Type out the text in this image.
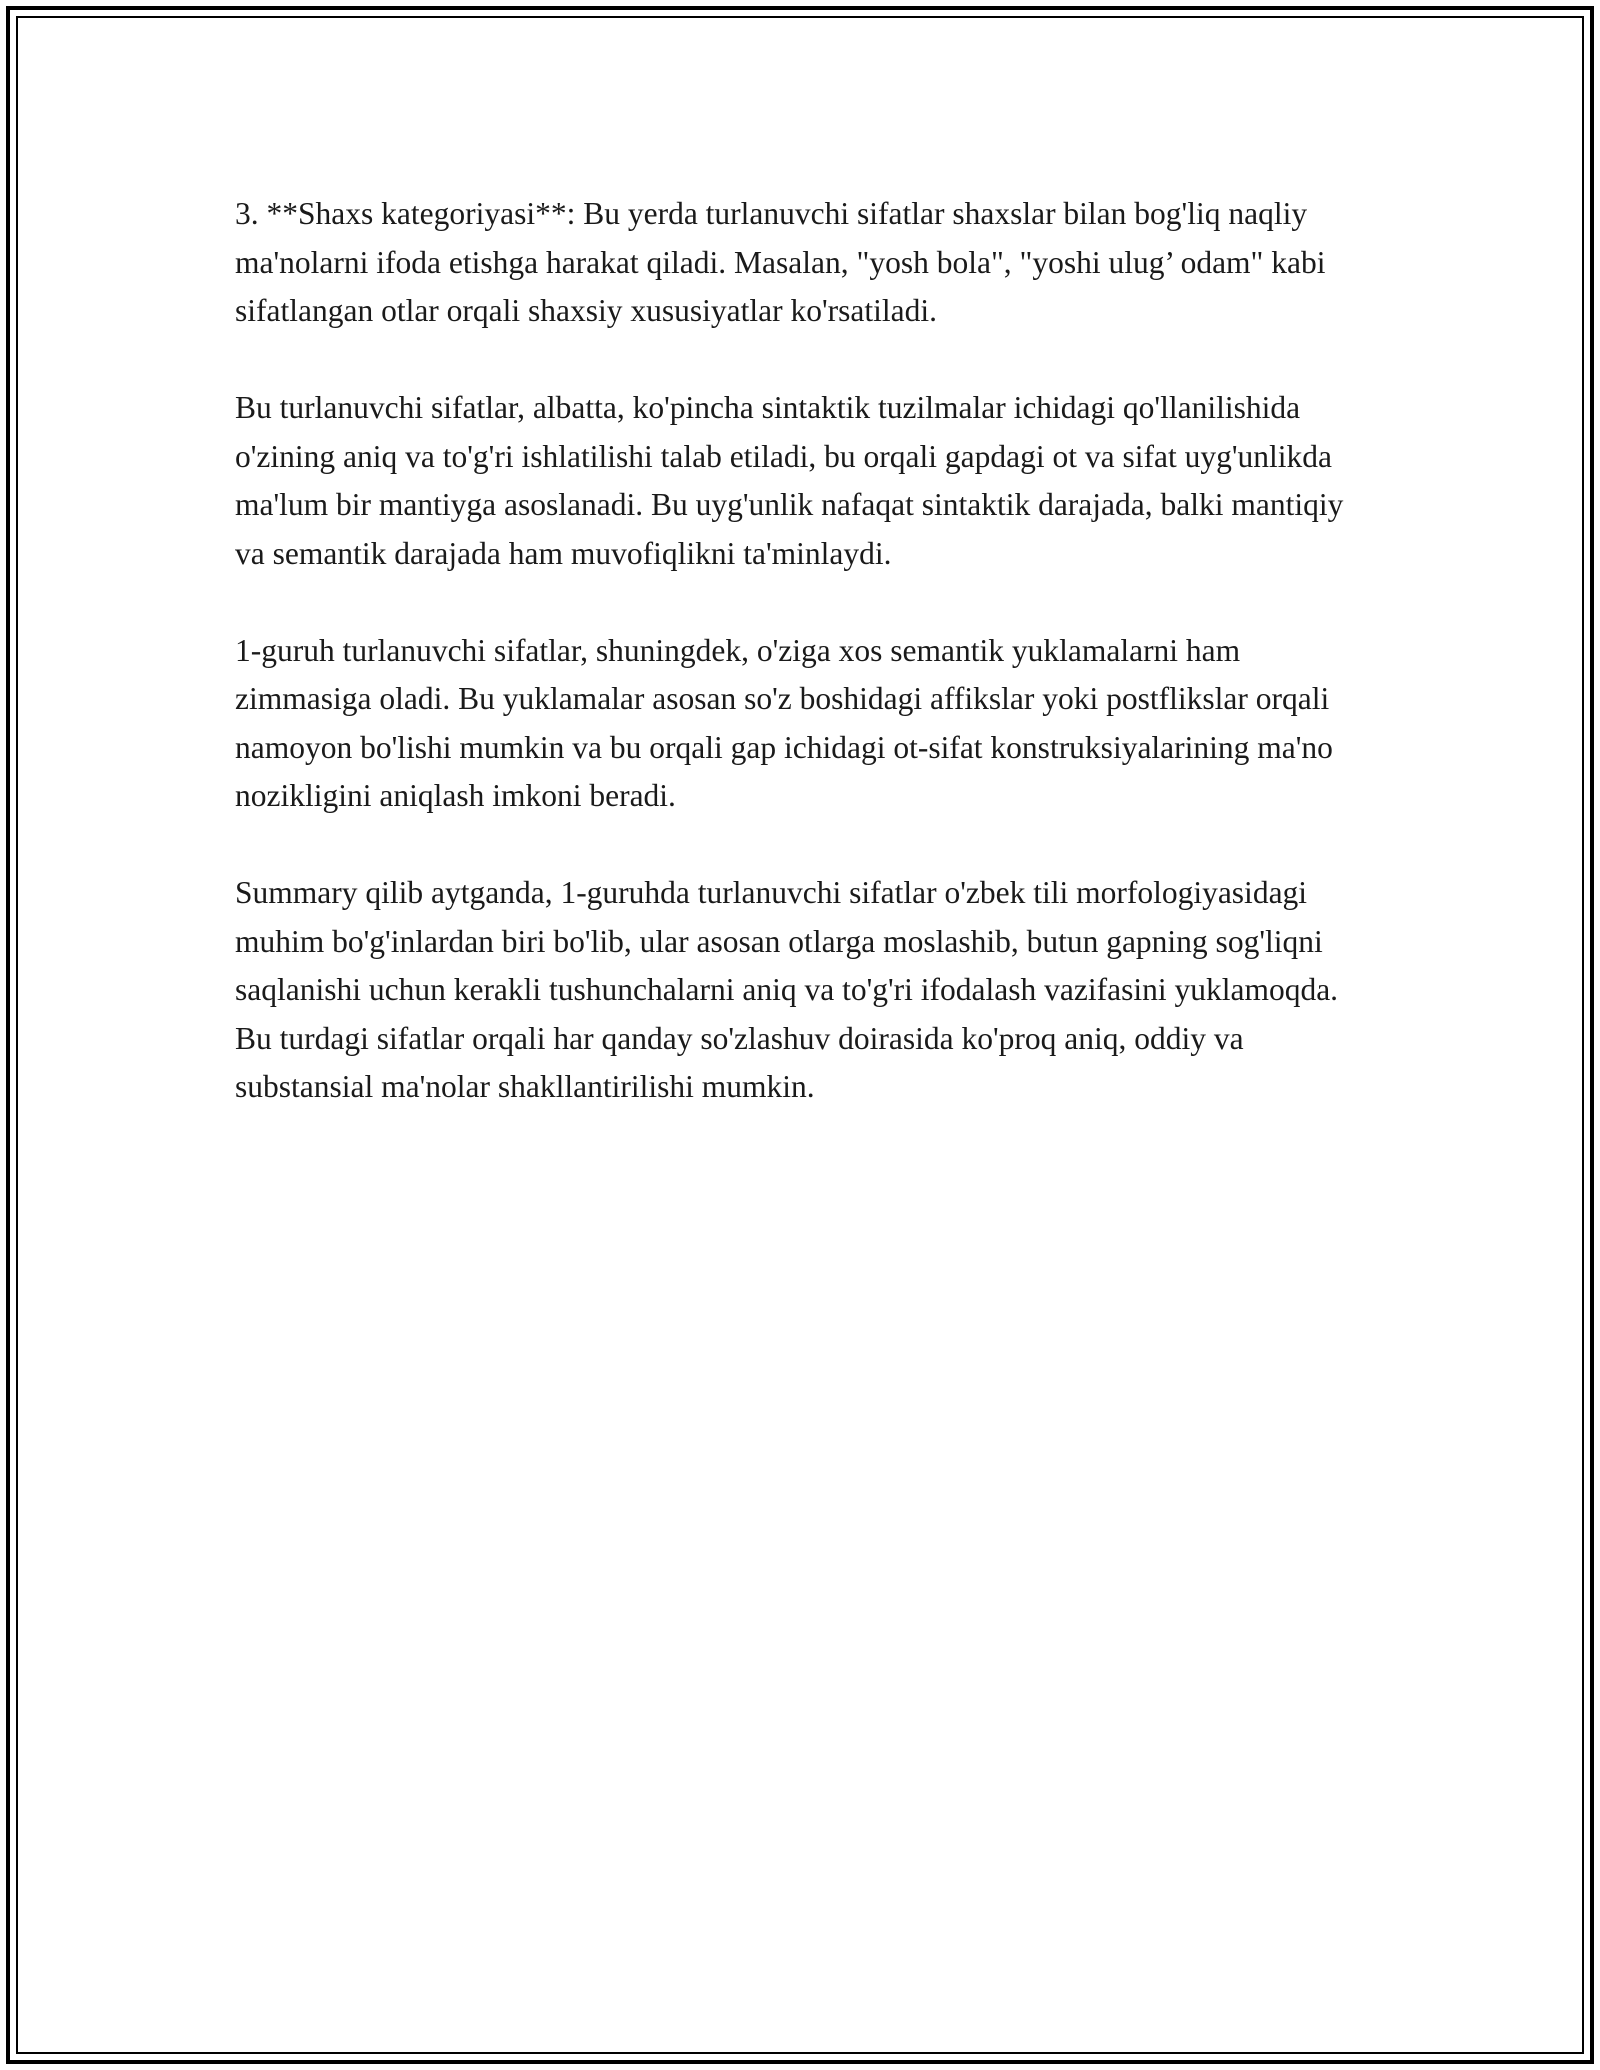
3. **Shaxs kategoriyasi**: Bu yerda turlanuvchi sifatlar shaxslar bilan bog'liq naqliy ma'nolarni ifoda etishga harakat qiladi. Masalan, "yosh bola", "yoshi ulug’ odam" kabi sifatlangan otlar orqali shaxsiy xususiyatlar ko'rsatiladi.

Bu turlanuvchi sifatlar, albatta, ko'pincha sintaktik tuzilmalar ichidagi qo'llanilishida o'zining aniq va to'g'ri ishlatilishi talab etiladi, bu orqali gapdagi ot va sifat uyg'unlikda ma'lum bir mantiyga asoslanadi. Bu uyg'unlik nafaqat sintaktik darajada, balki mantiqiy va semantik darajada ham muvofiqlikni ta'minlaydi.

1-guruh turlanuvchi sifatlar, shuningdek, o'ziga xos semantik yuklamalarni ham zimmasiga oladi. Bu yuklamalar asosan so'z boshidagi affikslar yoki postflikslar orqali namoyon bo'lishi mumkin va bu orqali gap ichidagi ot-sifat konstruksiyalarining ma'no nozikligini aniqlash imkoni beradi.

Summary qilib aytganda, 1-guruhda turlanuvchi sifatlar o'zbek tili morfologiyasidagi muhim bo'g'inlardan biri bo'lib, ular asosan otlarga moslashib, butun gapning sog'liqni saqlanishi uchun kerakli tushunchalarni aniq va to'g'ri ifodalash vazifasini yuklamoqda. Bu turdagi sifatlar orqali har qanday so'zlashuv doirasida ko'proq aniq, oddiy va substansial ma'nolar shakllantirilishi mumkin.
